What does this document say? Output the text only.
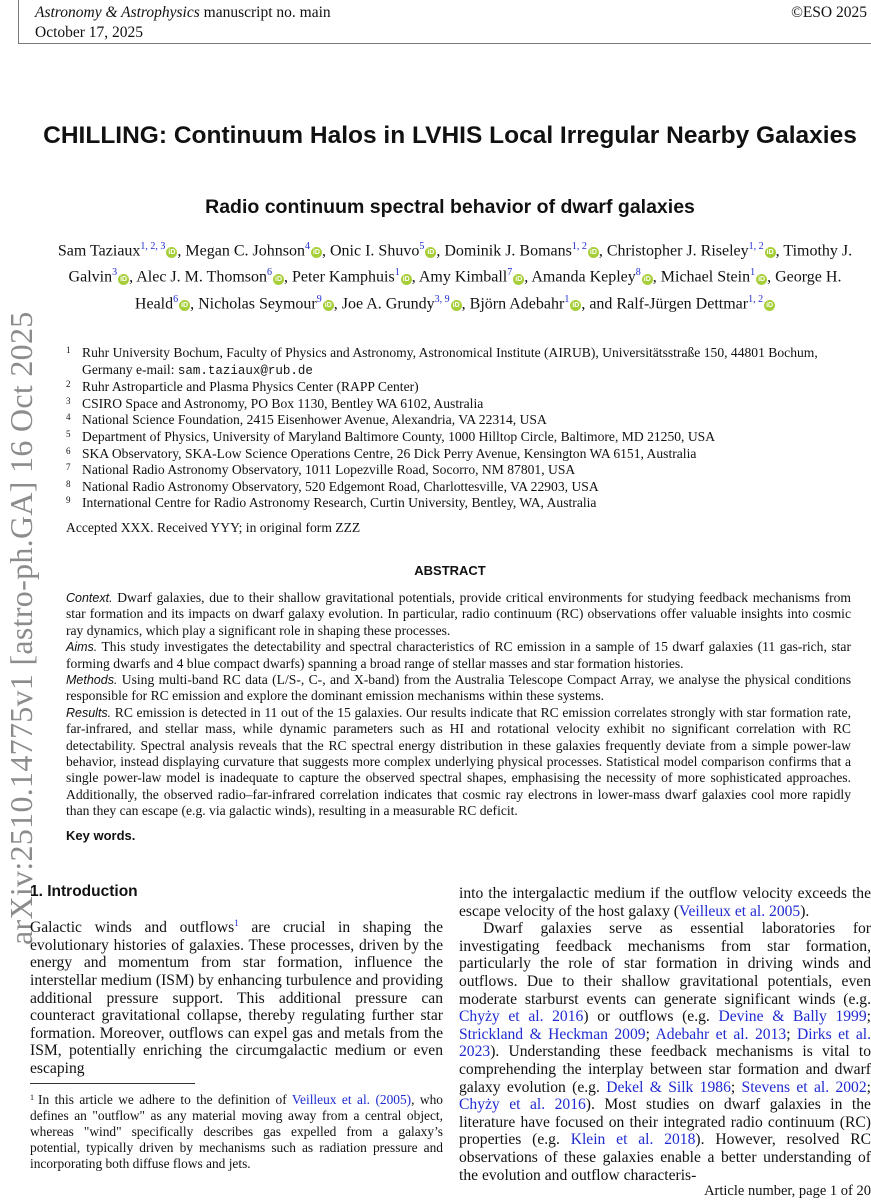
Astronomy & Astrophysics manuscript no. main
October 17, 2025
©ESO 2025
arXiv:2510.14775v1 [astro-ph.GA] 16 Oct 2025
CHILLING: Continuum Halos in LVHIS Local Irregular Nearby Galaxies
Radio continuum spectral behavior of dwarf galaxies
Sam Taziaux$^{1, 2, 3}$iD , Megan C. Johnson$^4$iD , Onic I. Shuvo$^5$iD , Dominik J. Bomans$^{1, 2}$iD , Christopher J. Riseley$^{1, 2}$iD , Timothy J. Galvin$^3$iD , Alec J. M. Thomson$^6$iD , Peter Kamphuis$^1$iD , Amy Kimball$^7$iD , Amanda Kepley$^8$iD , Michael Stein$^1$iD , George H. Heald$^6$iD , Nicholas Seymour$^9$iD , Joe A. Grundy$^{3, 9}$iD , Björn Adebahr$^1$iD , and Ralf-Jürgen Dettmar$^{1, 2}$iD
1 Ruhr University Bochum, Faculty of Physics and Astronomy, Astronomical Institute (AIRUB), Universitätsstraße 150, 44801 Bochum, Germany e-mail: sam.taziaux@rub.de
2 Ruhr Astroparticle and Plasma Physics Center (RAPP Center)
3 CSIRO Space and Astronomy, PO Box 1130, Bentley WA 6102, Australia
4 National Science Foundation, 2415 Eisenhower Avenue, Alexandria, VA 22314, USA
5 Department of Physics, University of Maryland Baltimore County, 1000 Hilltop Circle, Baltimore, MD 21250, USA
6 SKA Observatory, SKA-Low Science Operations Centre, 26 Dick Perry Avenue, Kensington WA 6151, Australia
7 National Radio Astronomy Observatory, 1011 Lopezville Road, Socorro, NM 87801, USA
8 National Radio Astronomy Observatory, 520 Edgemont Road, Charlottesville, VA 22903, USA
9 International Centre for Radio Astronomy Research, Curtin University, Bentley, WA, Australia
Accepted XXX. Received YYY; in original form ZZZ
ABSTRACT
Context. Dwarf galaxies, due to their shallow gravitational potentials, provide critical environments for studying feedback mechanisms from star formation and its impacts on dwarf galaxy evolution. In particular, radio continuum (RC) observations offer valuable insights into cosmic ray dynamics, which play a significant role in shaping these processes.
Aims. This study investigates the detectability and spectral characteristics of RC emission in a sample of 15 dwarf galaxies (11 gas-rich, star forming dwarfs and 4 blue compact dwarfs) spanning a broad range of stellar masses and star formation histories.
Methods. Using multi-band RC data (L/S-, C-, and X-band) from the Australia Telescope Compact Array, we analyse the physical conditions responsible for RC emission and explore the dominant emission mechanisms within these systems.
Results. RC emission is detected in 11 out of the 15 galaxies. Our results indicate that RC emission correlates strongly with star formation rate, far-infrared, and stellar mass, while dynamic parameters such as HI and rotational velocity exhibit no significant correlation with RC detectability. Spectral analysis reveals that the RC spectral energy distribution in these galaxies frequently deviate from a simple power-law behavior, instead displaying curvature that suggests more complex underlying physical processes. Statistical model comparison confirms that a single power-law model is inadequate to capture the observed spectral shapes, emphasising the necessity of more sophisticated approaches. Additionally, the observed radio–far-infrared correlation indicates that cosmic ray electrons in lower-mass dwarf galaxies cool more rapidly than they can escape (e.g. via galactic winds), resulting in a measurable RC deficit.
Key words.
1. Introduction

Galactic winds and outflows$^1$ are crucial in shaping the evolutionary histories of galaxies. These processes, driven by the energy and momentum from star formation, influence the interstellar medium (ISM) by enhancing turbulence and providing additional pressure support. This additional pressure can counteract gravitational collapse, thereby regulating further star formation. Moreover, outflows can expel gas and metals from the ISM, potentially enriching the circumgalactic medium or even escaping

into the intergalactic medium if the outflow velocity exceeds the escape velocity of the host galaxy (Veilleux et al. 2005).

Dwarf galaxies serve as essential laboratories for investigating feedback mechanisms from star formation, particularly the role of star formation in driving winds and outflows. Due to their shallow gravitational potentials, even moderate starburst events can generate significant winds (e.g. Chyży et al. 2016) or outflows (e.g. Devine & Bally 1999; Strickland & Heckman 2009; Adebahr et al. 2013; Dirks et al. 2023). Understanding these feedback mechanisms is vital to comprehending the interplay between star formation and dwarf galaxy evolution (e.g. Dekel & Silk 1986; Stevens et al. 2002; Chyży et al. 2016). Most studies on dwarf galaxies in the literature have focused on their integrated radio continuum (RC) properties (e.g. Klein et al. 2018). However, resolved RC observations of these galaxies enable a better understanding of the evolution and outflow characteris-

$^1$ In this article we adhere to the definition of Veilleux et al. (2005), who defines an "outflow" as any material moving away from a central object, whereas "wind" specifically describes gas expelled from a galaxy’s potential, typically driven by mechanisms such as radiation pressure and incorporating both diffuse flows and jets.
Article number, page 1 of 20
